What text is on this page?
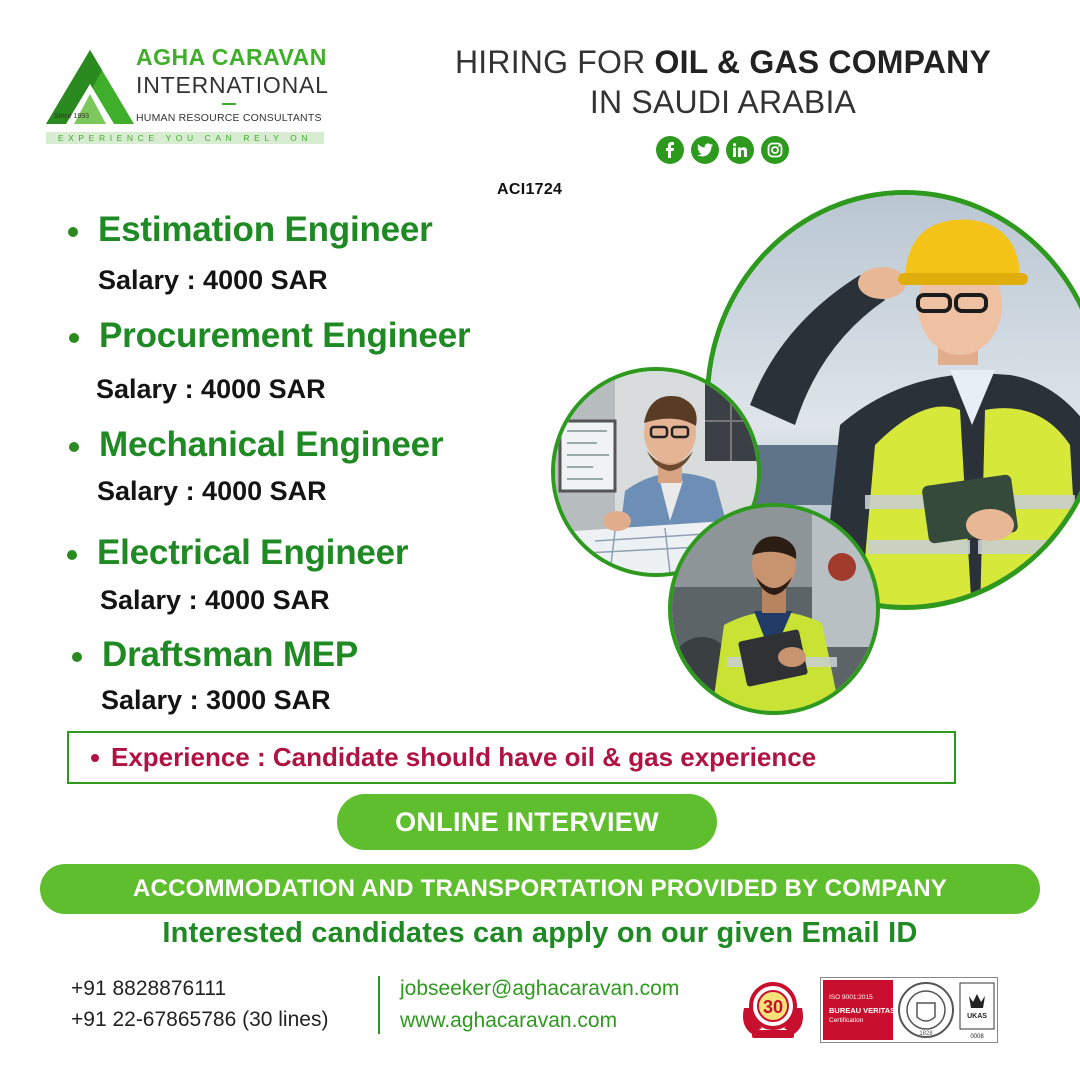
AGHA CARAVAN
INTERNATIONAL
HUMAN RESOURCE CONSULTANTS
Since 1993
EXPERIENCE YOU CAN RELY ON
HIRING FOR OIL & GAS COMPANY
IN SAUDI ARABIA
ACI1724
Estimation Engineer
Salary : 4000 SAR
Procurement Engineer
Salary : 4000 SAR
Mechanical Engineer
Salary : 4000 SAR
Electrical Engineer
Salary : 4000 SAR
Draftsman MEP
Salary : 3000 SAR
Experience : Candidate should have oil & gas experience
ONLINE INTERVIEW
ACCOMMODATION AND TRANSPORTATION PROVIDED BY COMPANY
Interested candidates can apply on our given Email ID
+91 8828876111
+91 22-67865786 (30 lines)
jobseeker@aghacaravan.com
www.aghacaravan.com
30	ISO 9001:2015
BUREAU VERITAS
Certification
1828
UKAS
0008
